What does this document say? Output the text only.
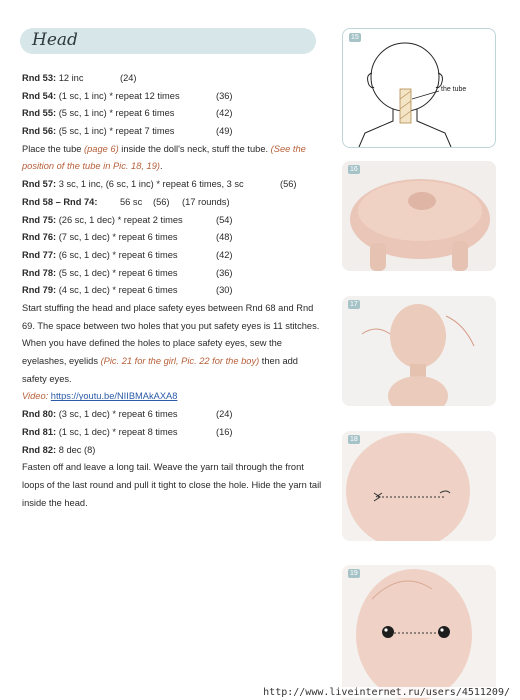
Head
Rnd 53: 12 inc	(24)
Rnd 54: (1 sc, 1 inc) * repeat 12 times	(36)
Rnd 55: (5 sc, 1 inc) * repeat 6 times	(42)
Rnd 56: (5 sc, 1 inc) * repeat 7 times	(49)
Place the tube (page 6) inside the doll's neck, stuff the tube. (See the position of the tube in Pic. 18, 19).
Rnd 57: 3 sc, 1 inc, (6 sc, 1 inc) * repeat 6 times, 3 sc	(56)
Rnd 58 – Rnd 74: 56 sc (56) (17 rounds)
Rnd 75: (26 sc, 1 dec) * repeat 2 times	(54)
Rnd 76: (7 sc, 1 dec) * repeat 6 times	(48)
Rnd 77: (6 sc, 1 dec) * repeat 6 times	(42)
Rnd 78: (5 sc, 1 dec) * repeat 6 times	(36)
Rnd 79: (4 sc, 1 dec) * repeat 6 times	(30)
Start stuffing the head and place safety eyes between Rnd 68 and Rnd 69. The space between two holes that you put safety eyes is 11 stitches. When you have defined the holes to place safety eyes, sew the eyelashes, eyelids (Pic. 21 for the girl, Pic. 22 for the boy) then add safety eyes.
Video: https://youtu.be/NIIBMAkAXA8
Rnd 80: (3 sc, 1 dec) * repeat 6 times	(24)
Rnd 81: (1 sc, 1 dec) * repeat 8 times	(16)
Rnd 82: 8 dec (8)
Fasten off and leave a long tail. Weave the yarn tail through the front loops of the last round and pull it tight to close the hole. Hide the yarn tail inside the head.
15
the tube
16
17
18
19
http://www.liveinternet.ru/users/4511209/
